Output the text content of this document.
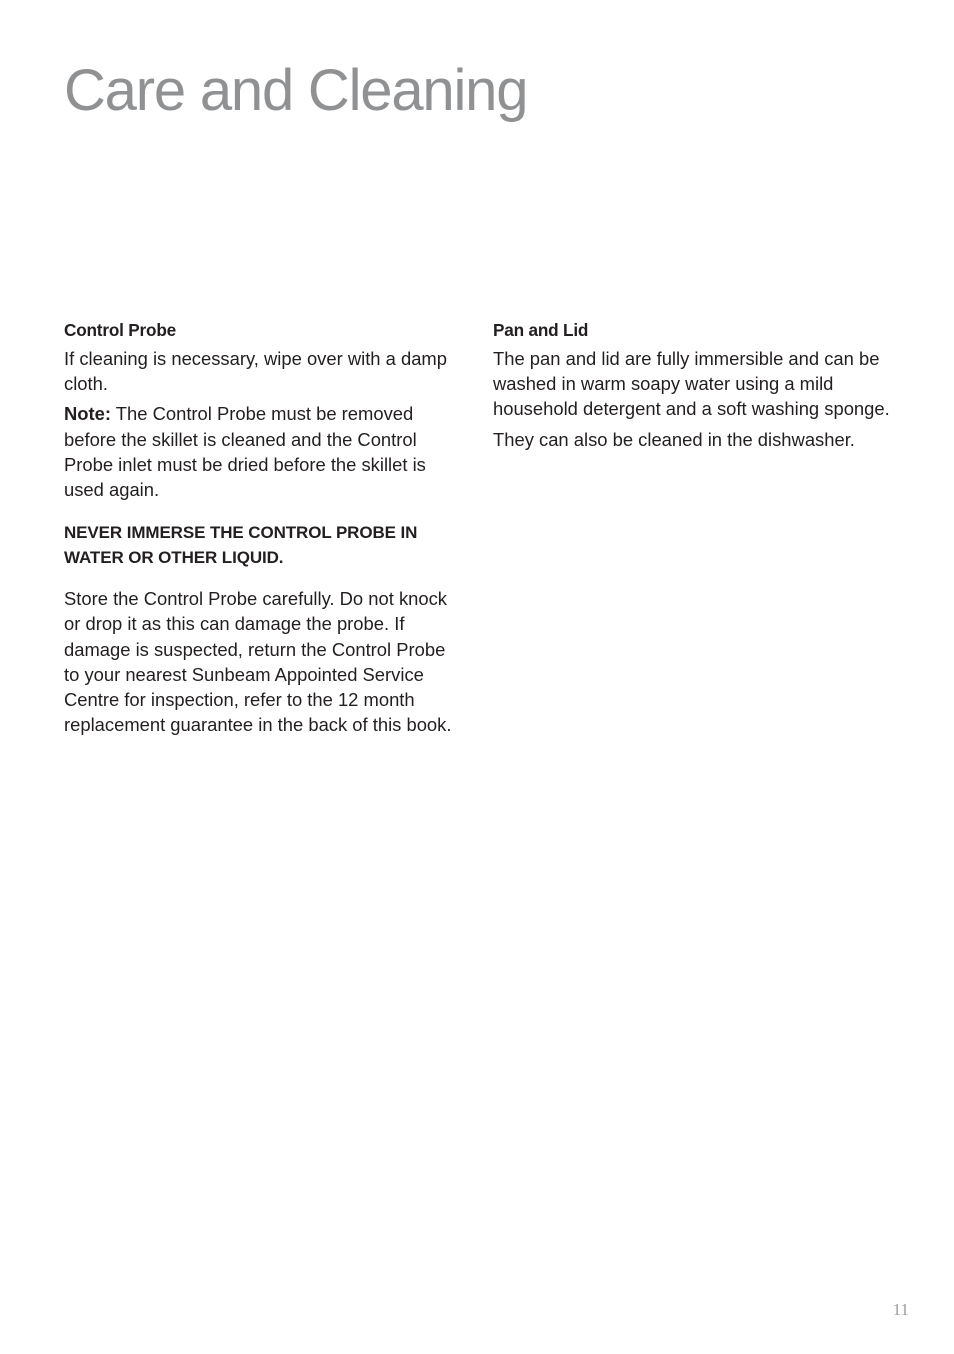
Care and Cleaning
Control Probe

If cleaning is necessary, wipe over with a damp cloth.

Note: The Control Probe must be removed before the skillet is cleaned and the Control Probe inlet must be dried before the skillet is used again.

NEVER IMMERSE THE CONTROL PROBE IN
WATER OR OTHER LIQUID.

Store the Control Probe carefully. Do not knock or drop it as this can damage the probe. If damage is suspected, return the Control Probe to your nearest Sunbeam Appointed Service Centre for inspection, refer to the 12 month replacement guarantee in the back of this book.

Pan and Lid

The pan and lid are fully immersible and can be washed in warm soapy water using a mild household detergent and a soft washing sponge.

They can also be cleaned in the dishwasher.

11
